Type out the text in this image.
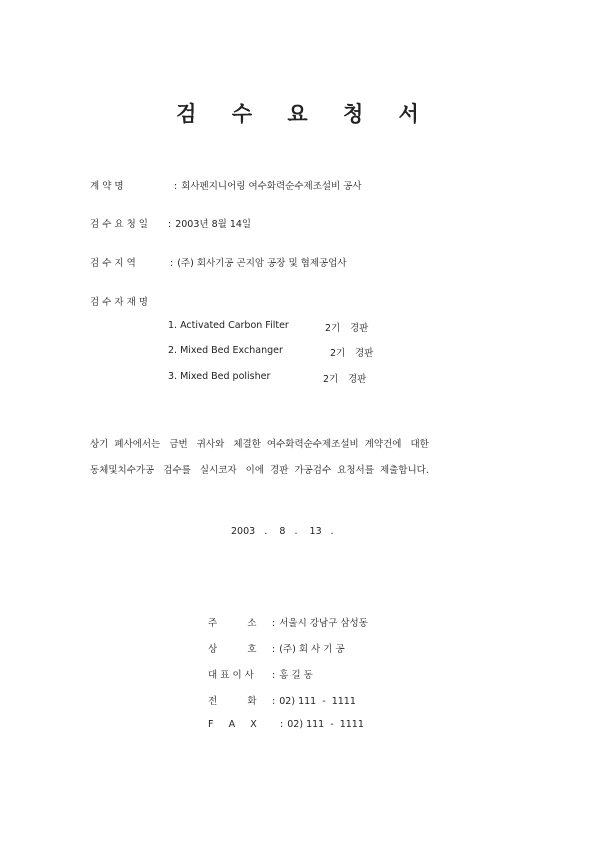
검 수 요 청 서
계 약 명	: 회사펜지니어링 여수화력순수제조설비 공사
검 수 요 청 일 : 2003년 8월 14일
검 수 지 역	: (주) 회사기공 곤지암 공장 및 협제공업사
검 수 자 재 명
1. Activated Carbon Filter	2기 경판
2. Mixed Bed Exchanger	2기 경판
3. Mixed Bed polisher	2기 경판
상기  폐사에서는   금번   귀사와   체결한  여수화력순수제조설비  계약건에   대한
동체및치수가공   검수를   실시코자   이에  경판  가공검수  요청서를  제출합니다.
2003   .    8   .    13   .

주          소 : 서울시 강남구 삼성동

상          호 : (주) 회 사 기 공

대 표 이 사 : 홍 길 동

전          화 : 02) 111  -  1111

F     A     X : 02) 111  -  1111
